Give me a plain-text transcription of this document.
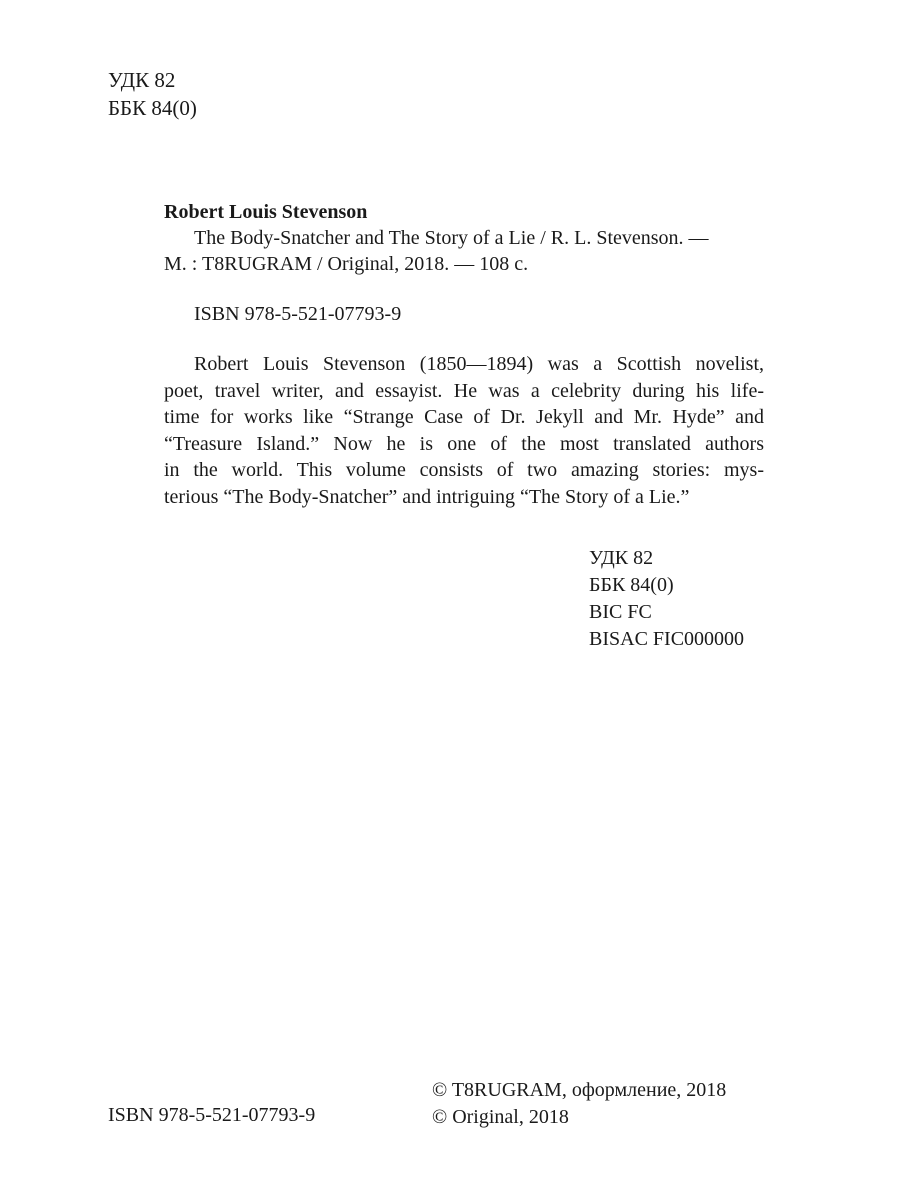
УДК 82
ББК 84(0)
Robert Louis Stevenson
The Body-Snatcher and The Story of a Lie / R. L. Stevenson. —
M. : T8RUGRAM / Original, 2018. — 108 c.
ISBN 978-5-521-07793-9
Robert Louis Stevenson (1850—1894) was a Scottish novelist,
poet, travel writer, and essayist. He was a celebrity during his life-
time for works like “Strange Case of Dr. Jekyll and Mr. Hyde” and
“Treasure Island.” Now he is one of the most translated authors
in the world. This volume consists of two amazing stories: mys-
terious “The Body-Snatcher” and intriguing “The Story of a Lie.”
УДК 82
ББК 84(0)
BIC FC
BISAC FIC000000
ISBN 978-5-521-07793-9
© T8RUGRAM, оформление, 2018
© Original, 2018
